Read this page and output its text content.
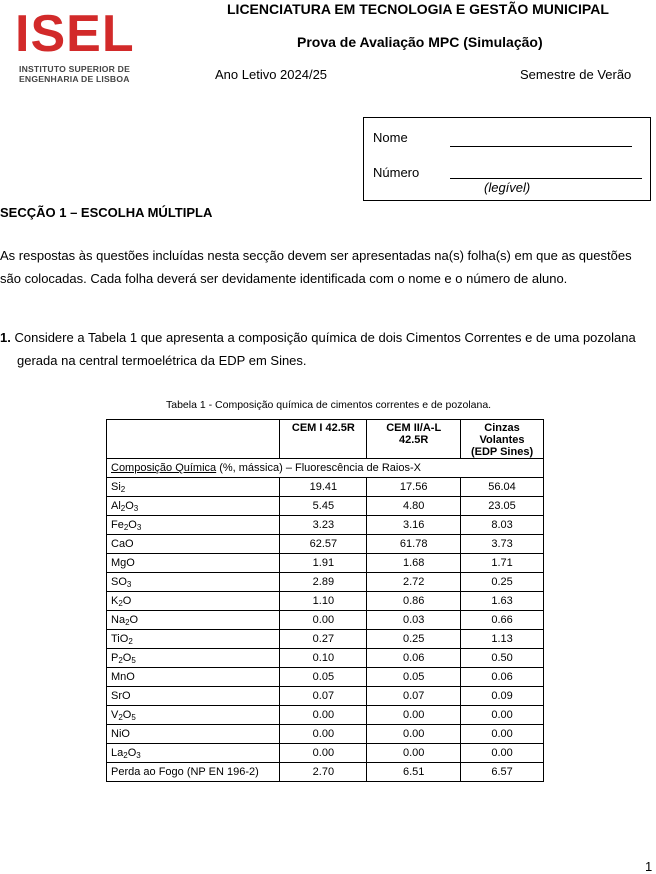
ISEL
INSTITUTO SUPERIOR DE
ENGENHARIA DE LISBOA
LICENCIATURA EM TECNOLOGIA E GESTÃO MUNICIPAL
Prova de Avaliação MPC (Simulação)
Ano Letivo 2024/25	Semestre de Verão
Nome
Número
(legível)
SECÇÃO 1 – ESCOLHA MÚLTIPLA
As respostas às questões incluídas nesta secção devem ser apresentadas na(s) folha(s) em que as questões
são colocadas. Cada folha deverá ser devidamente identificada com o nome e o número de aluno.
1. Considere a Tabela 1 que apresenta a composição química de dois Cimentos Correntes e de uma pozolana
gerada na central termoelétrica da EDP em Sines.
Tabela 1 - Composição química de cimentos correntes e de pozolana.
	CEM I 42.5R	CEM II/A-L 42.5R	Cinzas Volantes
(EDP Sines)

Composição Química (%, mássica) – Fluorescência de Raios-X			
$Si_2$	19.41	17.56	56.04
$Al_2O_3$	5.45	4.80	23.05
$Fe_2O_3$	3.23	3.16	8.03
CaO	62.57	61.78	3.73
MgO	1.91	1.68	1.71
$SO_3$	2.89	2.72	0.25
$K_2O$	1.10	0.86	1.63
$Na_2O$	0.00	0.03	0.66
TiO$_2$	0.27	0.25	1.13
$P_2O_5$	0.10	0.06	0.50
MnO	0.05	0.05	0.06
SrO	0.07	0.07	0.09
$V_2O_5$	0.00	0.00	0.00
NiO	0.00	0.00	0.00
$La_2O_3$	0.00	0.00	0.00
Perda ao Fogo (NP EN 196-2)	2.70	6.51	6.57
1
